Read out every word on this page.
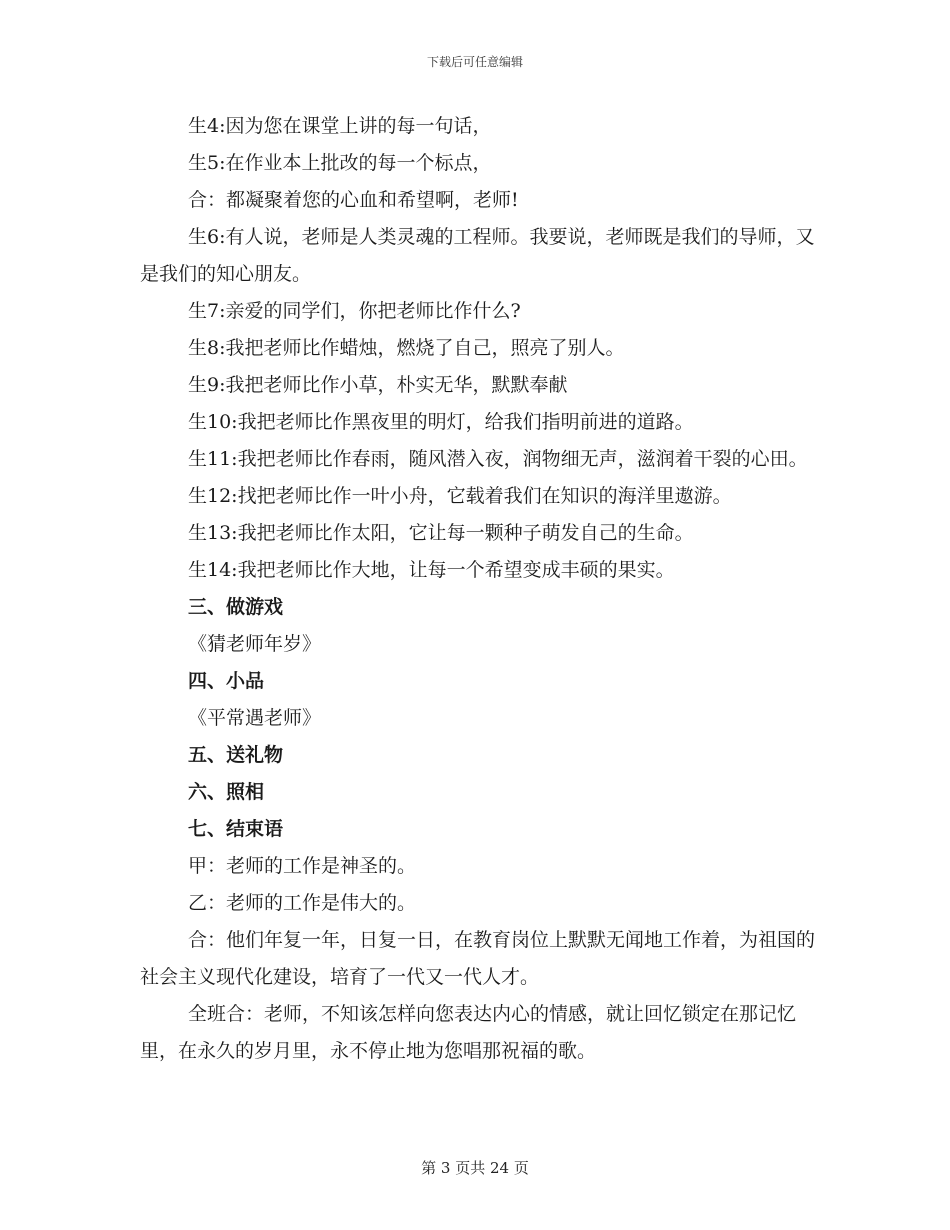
下载后可任意编辑

生4:因为您在课堂上讲的每一句话，

生5:在作业本上批改的每一个标点，

合：都凝聚着您的心血和希望啊，老师!

生6:有人说，老师是人类灵魂的工程师。我要说，老师既是我们的导师，又是我们的知心朋友。

生7:亲爱的同学们，你把老师比作什么?

生8:我把老师比作蜡烛，燃烧了自己，照亮了别人。

生9:我把老师比作小草，朴实无华，默默奉献

生10:我把老师比作黑夜里的明灯，给我们指明前进的道路。

生11:我把老师比作春雨，随风潜入夜，润物细无声，滋润着干裂的心田。

生12:找把老师比作一叶小舟，它载着我们在知识的海洋里遨游。

生13:我把老师比作太阳，它让每一颗种子萌发自己的生命。

生14:我把老师比作大地，让每一个希望变成丰硕的果实。

三、做游戏

《猜老师年岁》

四、小品

《平常遇老师》

五、送礼物

六、照相

七、结束语

甲：老师的工作是神圣的。

乙：老师的工作是伟大的。

合：他们年复一年，日复一日，在教育岗位上默默无闻地工作着，为祖国的社会主义现代化建设，培育了一代又一代人才。

全班合：老师，不知该怎样向您表达内心的情感，就让回忆锁定在那记忆里，在永久的岁月里，永不停止地为您唱那祝福的歌。

第 3 页共 24 页
